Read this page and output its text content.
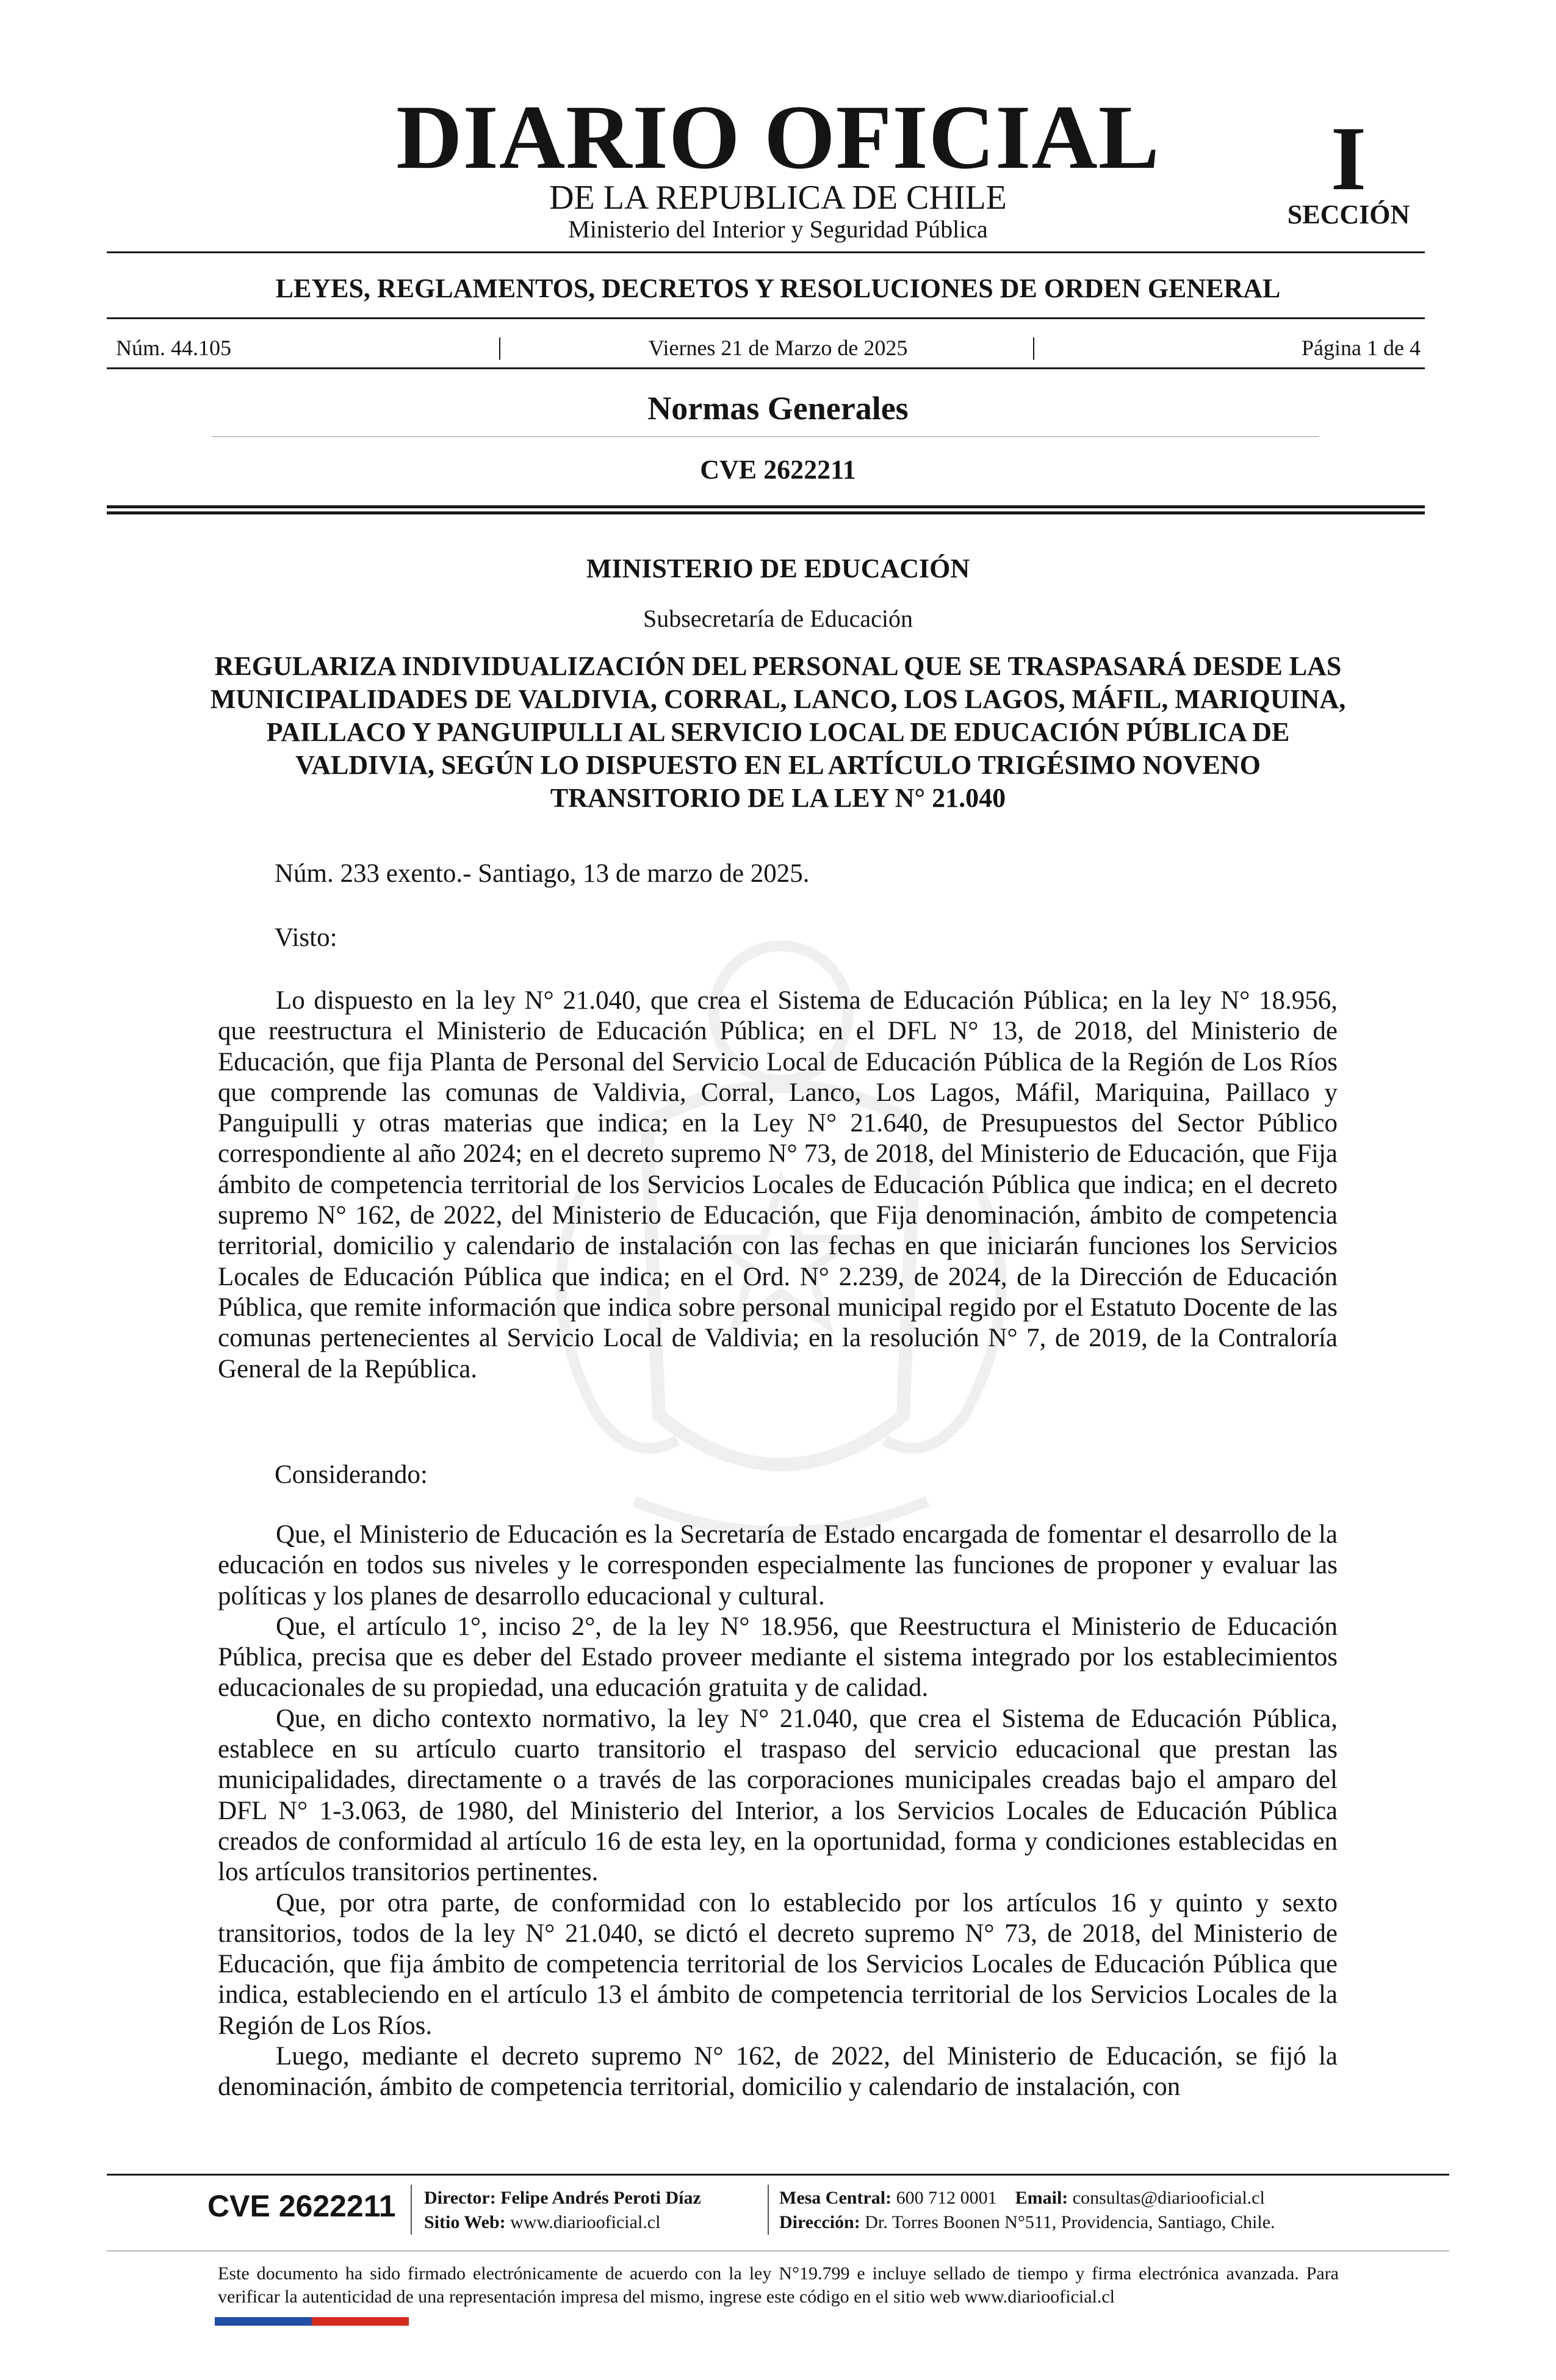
DIARIO OFICIAL
DE LA REPUBLICA DE CHILE
Ministerio del Interior y Seguridad Pública
I
SECCIÓN
LEYES, REGLAMENTOS, DECRETOS Y RESOLUCIONES DE ORDEN GENERAL
Núm. 44.105	|	Viernes 21 de Marzo de 2025	|	Página 1 de 4
Normas Generales
CVE 2622211
MINISTERIO DE EDUCACIÓN
Subsecretaría de Educación
REGULARIZA INDIVIDUALIZACIÓN DEL PERSONAL QUE SE TRASPASARÁ DESDE LAS MUNICIPALIDADES DE VALDIVIA, CORRAL, LANCO, LOS LAGOS, MÁFIL, MARIQUINA, PAILLACO Y PANGUIPULLI AL SERVICIO LOCAL DE EDUCACIÓN PÚBLICA DE VALDIVIA, SEGÚN LO DISPUESTO EN EL ARTÍCULO TRIGÉSIMO NOVENO TRANSITORIO DE LA LEY N° 21.040
Núm. 233 exento.- Santiago, 13 de marzo de 2025.
Visto:
Lo dispuesto en la ley N° 21.040, que crea el Sistema de Educación Pública; en la ley N° 18.956, que reestructura el Ministerio de Educación Pública; en el DFL N° 13, de 2018, del Ministerio de Educación, que fija Planta de Personal del Servicio Local de Educación Pública de la Región de Los Ríos que comprende las comunas de Valdivia, Corral, Lanco, Los Lagos, Máfil, Mariquina, Paillaco y Panguipulli y otras materias que indica; en la Ley N° 21.640, de Presupuestos del Sector Público correspondiente al año 2024; en el decreto supremo N° 73, de 2018, del Ministerio de Educación, que Fija ámbito de competencia territorial de los Servicios Locales de Educación Pública que indica; en el decreto supremo N° 162, de 2022, del Ministerio de Educación, que Fija denominación, ámbito de competencia territorial, domicilio y calendario de instalación con las fechas en que iniciarán funciones los Servicios Locales de Educación Pública que indica; en el Ord. N° 2.239, de 2024, de la Dirección de Educación Pública, que remite información que indica sobre personal municipal regido por el Estatuto Docente de las comunas pertenecientes al Servicio Local de Valdivia; en la resolución N° 7, de 2019, de la Contraloría General de la República.
Considerando:

Que, el Ministerio de Educación es la Secretaría de Estado encargada de fomentar el desarrollo de la educación en todos sus niveles y le corresponden especialmente las funciones de proponer y evaluar las políticas y los planes de desarrollo educacional y cultural.

Que, el artículo 1°, inciso 2°, de la ley N° 18.956, que Reestructura el Ministerio de Educación Pública, precisa que es deber del Estado proveer mediante el sistema integrado por los establecimientos educacionales de su propiedad, una educación gratuita y de calidad.

Que, en dicho contexto normativo, la ley N° 21.040, que crea el Sistema de Educación Pública, establece en su artículo cuarto transitorio el traspaso del servicio educacional que prestan las municipalidades, directamente o a través de las corporaciones municipales creadas bajo el amparo del DFL N° 1-3.063, de 1980, del Ministerio del Interior, a los Servicios Locales de Educación Pública creados de conformidad al artículo 16 de esta ley, en la oportunidad, forma y condiciones establecidas en los artículos transitorios pertinentes.

Que, por otra parte, de conformidad con lo establecido por los artículos 16 y quinto y sexto transitorios, todos de la ley N° 21.040, se dictó el decreto supremo N° 73, de 2018, del Ministerio de Educación, que fija ámbito de competencia territorial de los Servicios Locales de Educación Pública que indica, estableciendo en el artículo 13 el ámbito de competencia territorial de los Servicios Locales de la Región de Los Ríos.

Luego, mediante el decreto supremo N° 162, de 2022, del Ministerio de Educación, se fijó la denominación, ámbito de competencia territorial, domicilio y calendario de instalación, con

CVE 2622211 Director: Felipe Andrés Peroti Díaz
Sitio Web: www.diariooficial.cl
Mesa Central: 600 712 0001 Email: consultas@diariooficial.cl
Dirección: Dr. Torres Boonen N°511, Providencia, Santiago, Chile.
Este documento ha sido firmado electrónicamente de acuerdo con la ley N°19.799 e incluye sellado de tiempo y firma electrónica avanzada. Para verificar la autenticidad de una representación impresa del mismo, ingrese este código en el sitio web www.diariooficial.cl
